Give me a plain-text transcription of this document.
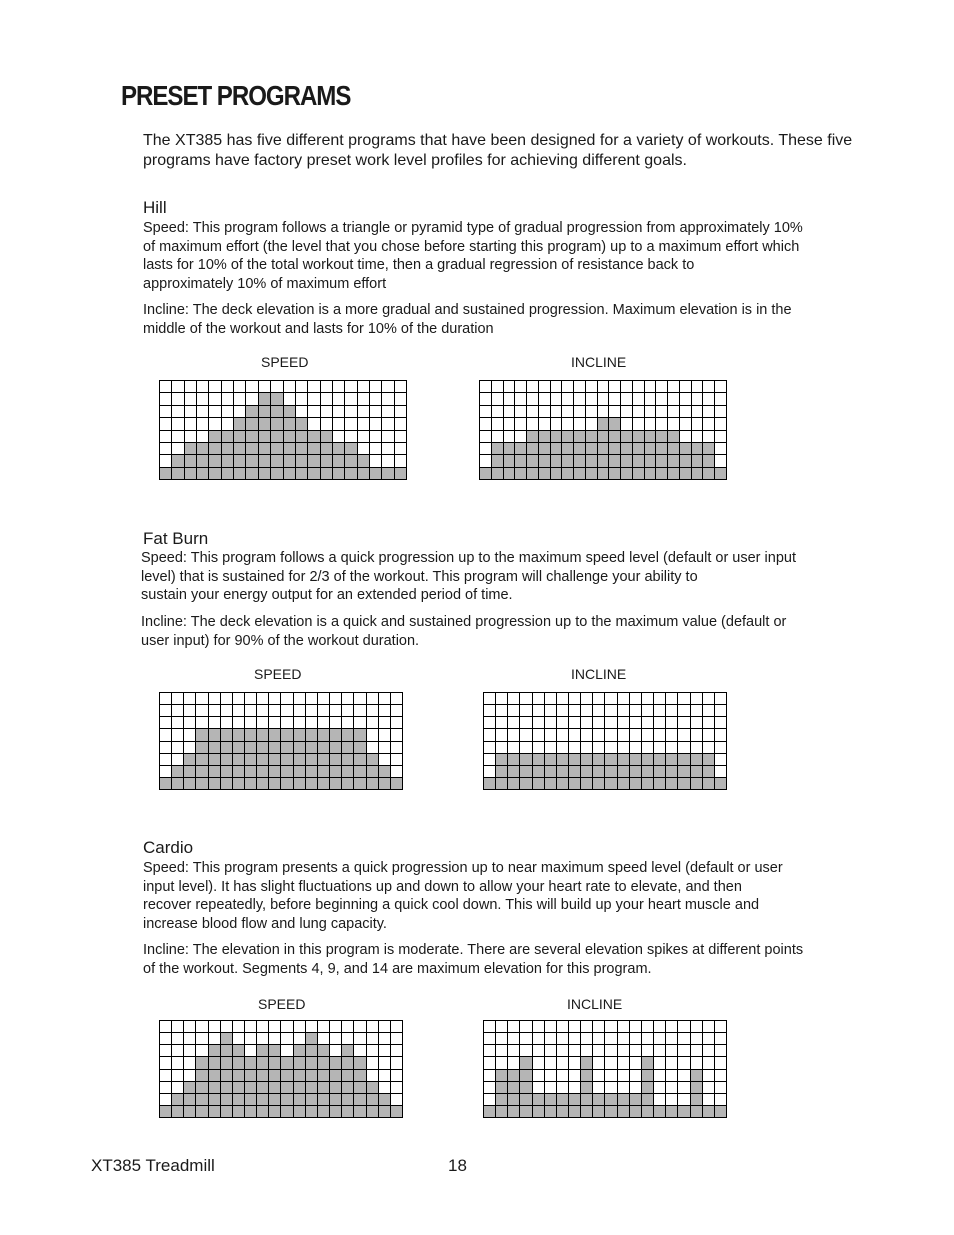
PRESET PROGRAMS
The XT385 has five different programs that have been designed for a variety of workouts. These five programs have factory preset work level profiles for achieving different goals.
Hill
Speed: This program follows a triangle or pyramid type of gradual progression from approximately 10%
of maximum effort (the level that you chose before starting this program) up to a maximum effort which
lasts for 10% of the total workout time, then a gradual regression of resistance back to
approximately 10% of maximum effort
Incline: The deck elevation is a more gradual and sustained progression. Maximum elevation is in the
middle of the workout and lasts for 10% of the duration
SPEED	INCLINE
Fat Burn
Speed: This program follows a quick progression up to the maximum speed level (default or user input
level) that is sustained for 2/3 of the workout. This program will challenge your ability to
sustain your energy output for an extended period of time.
Incline: The deck elevation is a quick and sustained progression up to the maximum value (default or
user input) for 90% of the workout duration.
SPEED	INCLINE
Cardio
Speed: This program presents a quick progression up to near maximum speed level (default or user
input level). It has slight fluctuations up and down to allow your heart rate to elevate, and then
recover repeatedly, before beginning a quick cool down. This will build up your heart muscle and
increase blood flow and lung capacity.
Incline: The elevation in this program is moderate. There are several elevation spikes at different points
of the workout. Segments 4, 9, and 14 are maximum elevation for this program.
SPEED	INCLINE
XT385 Treadmill	18
